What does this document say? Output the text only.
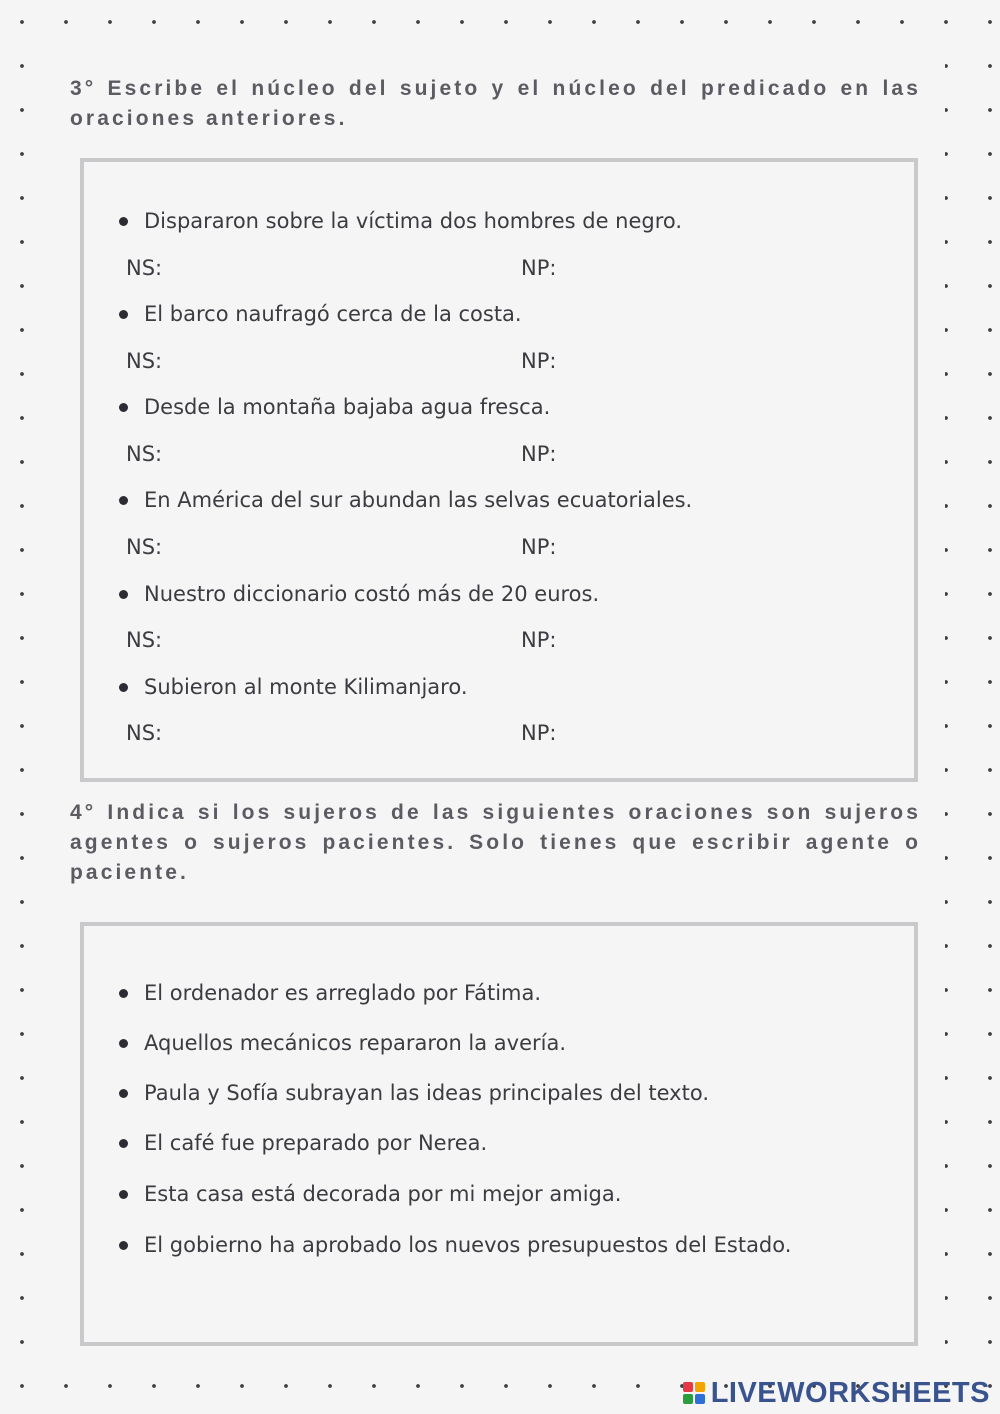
3° Escribe el núcleo del sujeto y el núcleo del predicado en las oraciones anteriores.

Dispararon sobre la víctima dos hombres de negro.
NS:	NP:
El barco naufragó cerca de la costa.
NS:	NP:
Desde la montaña bajaba agua fresca.
NS:	NP:
En América del sur abundan las selvas ecuatoriales.
NS:	NP:
Nuestro diccionario costó más de 20 euros.
NS:	NP:
Subieron al monte Kilimanjaro.
NS:	NP:

4° Indica si los sujeros de las siguientes oraciones son sujeros agentes o sujeros pacientes. Solo tienes que escribir agente o paciente.

El ordenador es arreglado por Fátima.
Aquellos mecánicos repararon la avería.
Paula y Sofía subrayan las ideas principales del texto.
El café fue preparado por Nerea.
Esta casa está decorada por mi mejor amiga.
El gobierno ha aprobado los nuevos presupuestos del Estado.
LIVEWORKSHEETS
